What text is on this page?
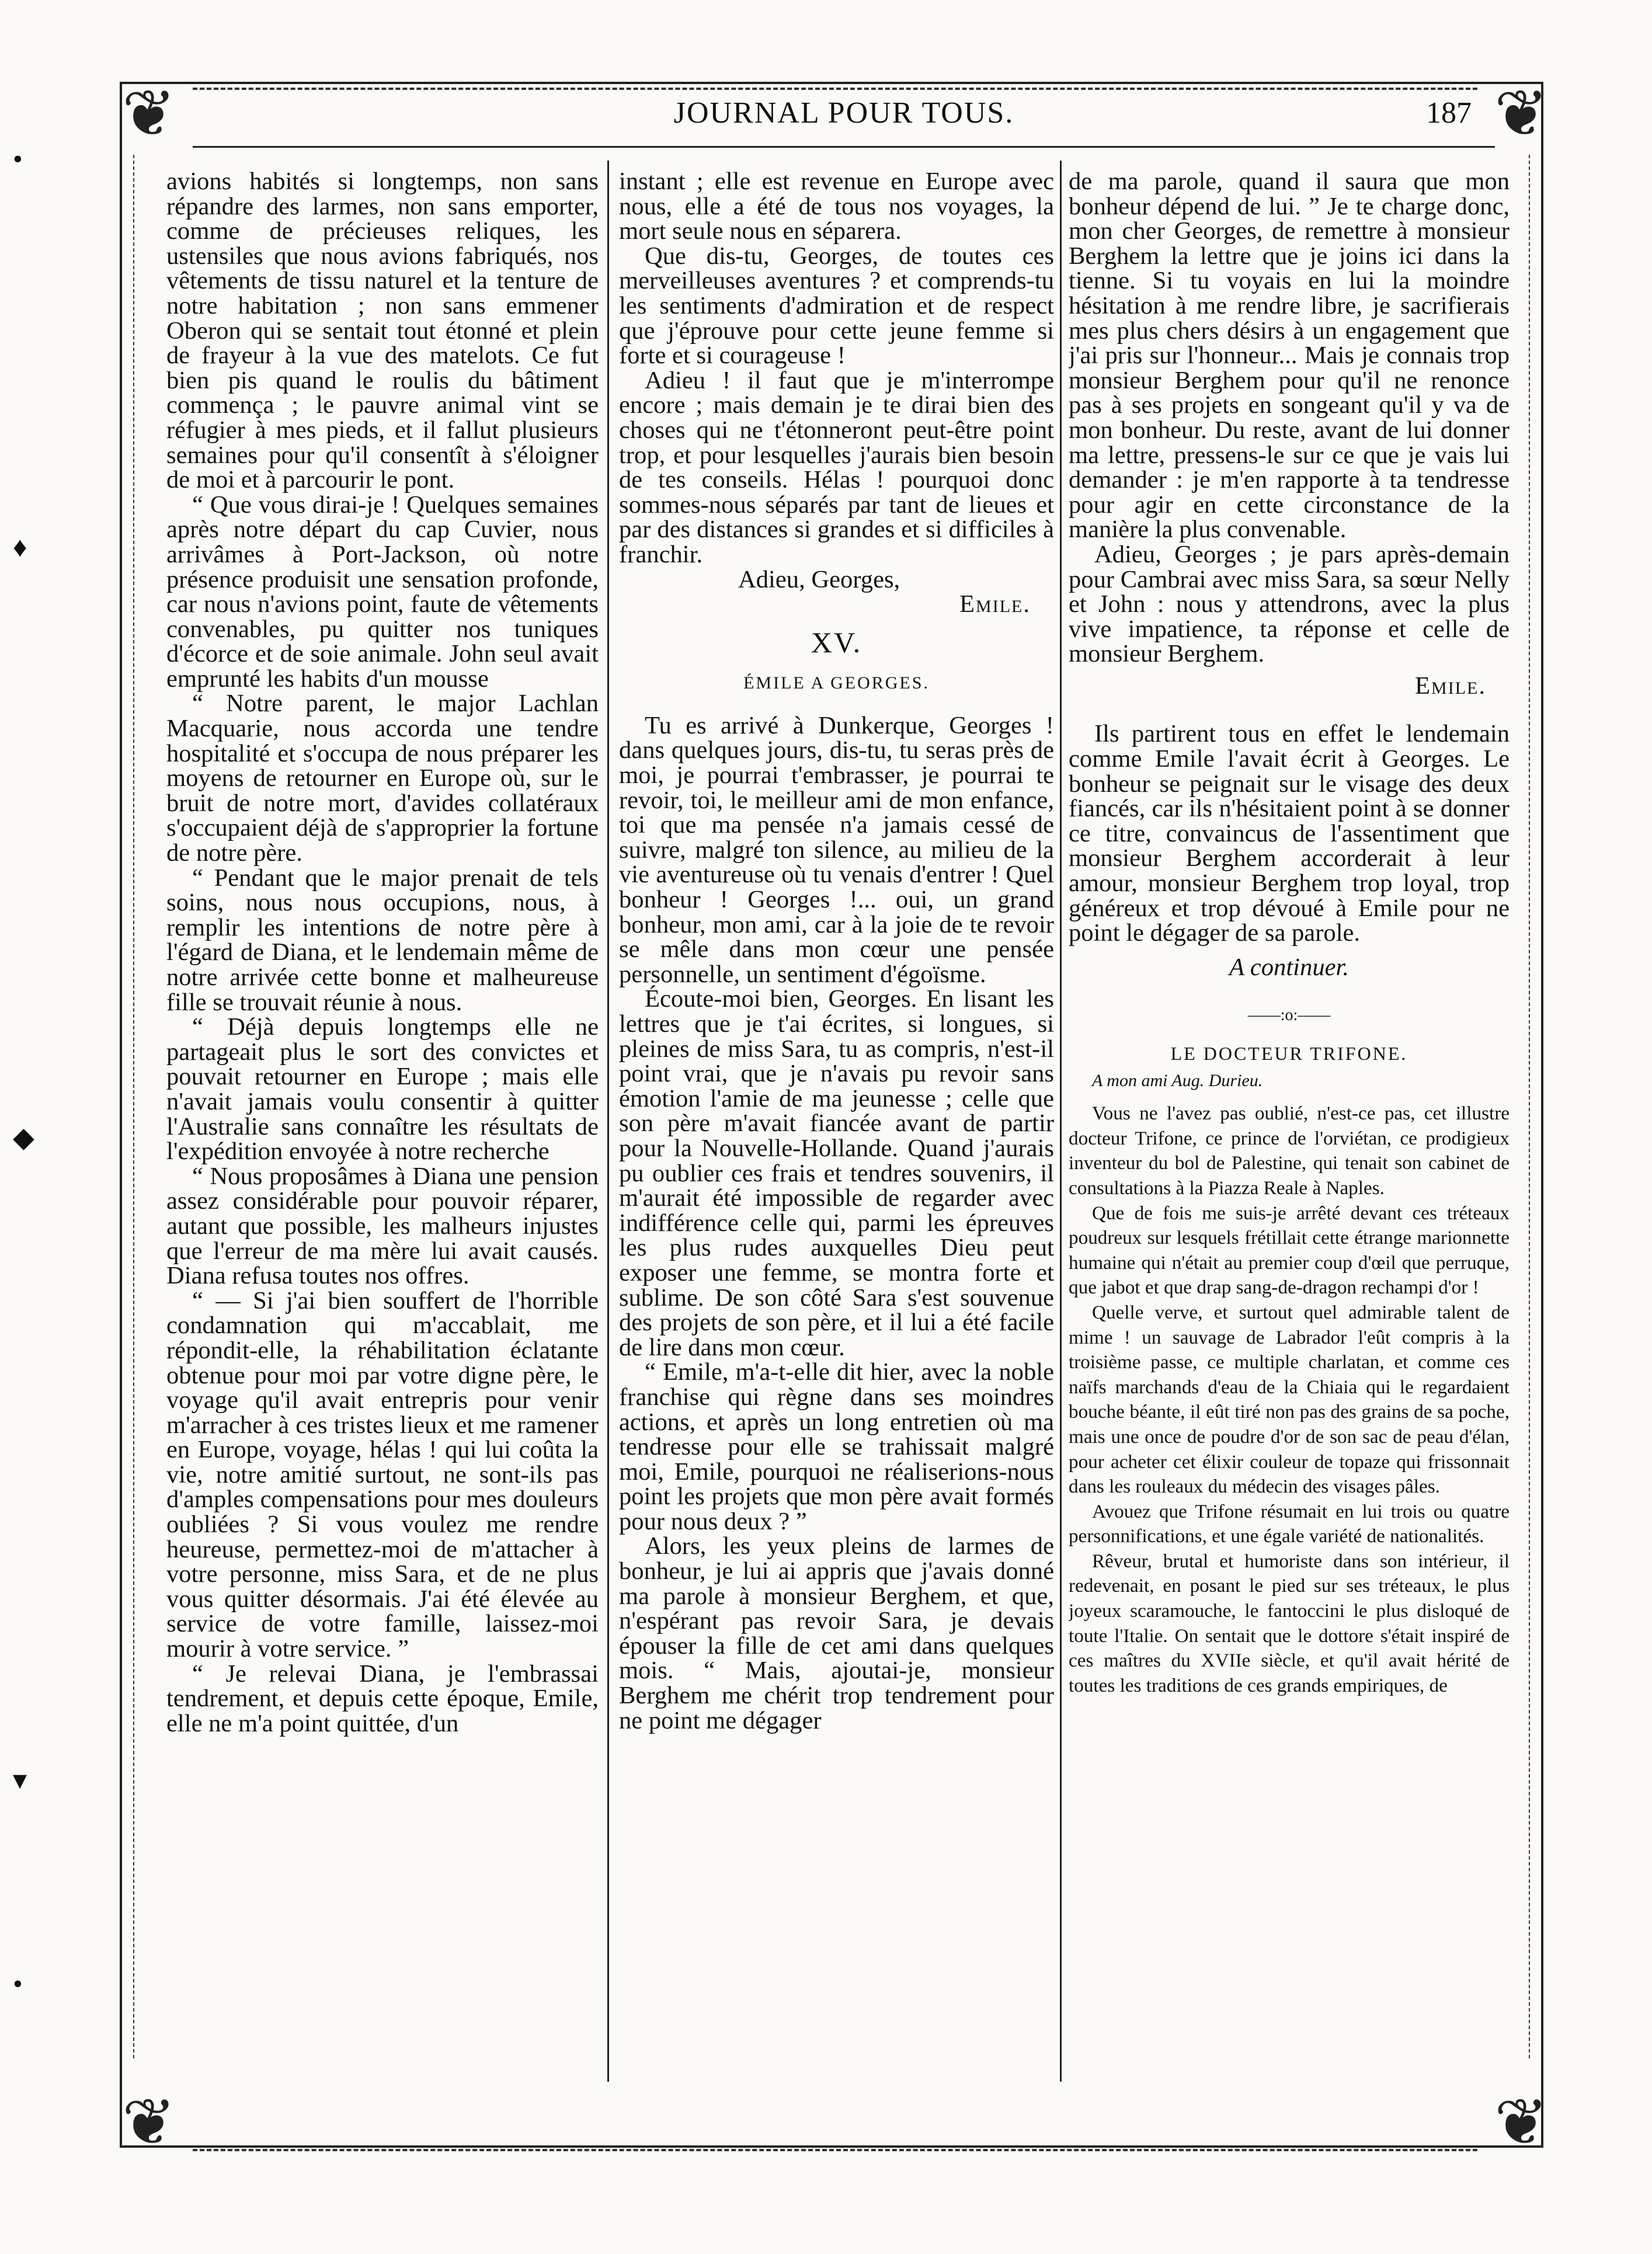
❦	❦
❦	❦
•
♦
◆
▾
•
JOURNAL POUR TOUS.	187

avions habités si longtemps, non sans répandre des larmes, non sans emporter, comme de précieuses reliques, les ustensiles que nous avions fabriqués, nos vêtements de tissu naturel et la tenture de notre habitation ; non sans emmener Oberon qui se sentait tout étonné et plein de frayeur à la vue des matelots. Ce fut bien pis quand le roulis du bâtiment commença ; le pauvre animal vint se réfugier à mes pieds, et il fallut plusieurs semaines pour qu'il consentît à s'éloigner de moi et à parcourir le pont.

“ Que vous dirai-je ! Quelques semaines après notre départ du cap Cuvier, nous arrivâmes à Port-Jackson, où notre présence produisit une sensation profonde, car nous n'avions point, faute de vêtements convenables, pu quitter nos tuniques d'écorce et de soie animale. John seul avait emprunté les habits d'un mousse

“ Notre parent, le major Lachlan Macquarie, nous accorda une tendre hospitalité et s'occupa de nous préparer les moyens de retourner en Europe où, sur le bruit de notre mort, d'avides collatéraux s'occupaient déjà de s'approprier la fortune de notre père.

“ Pendant que le major prenait de tels soins, nous nous occupions, nous, à remplir les intentions de notre père à l'égard de Diana, et le lendemain même de notre arrivée cette bonne et malheureuse fille se trouvait réunie à nous.

“ Déjà depuis longtemps elle ne partageait plus le sort des convictes et pouvait retourner en Europe ; mais elle n'avait jamais voulu consentir à quitter l'Australie sans connaître les résultats de l'expédition envoyée à notre recherche

“ Nous proposâmes à Diana une pension assez considérable pour pouvoir réparer, autant que possible, les malheurs injustes que l'erreur de ma mère lui avait causés. Diana refusa toutes nos offres.

“ — Si j'ai bien souffert de l'horrible condamnation qui m'accablait, me répondit-elle, la réhabilitation éclatante obtenue pour moi par votre digne père, le voyage qu'il avait entrepris pour venir m'arracher à ces tristes lieux et me ramener en Europe, voyage, hélas ! qui lui coûta la vie, notre amitié surtout, ne sont-ils pas d'amples compensations pour mes douleurs oubliées ? Si vous voulez me rendre heureuse, permettez-moi de m'attacher à votre personne, miss Sara, et de ne plus vous quitter désormais. J'ai été élevée au service de votre famille, laissez-moi mourir à votre service. ”

“ Je relevai Diana, je l'embrassai tendrement, et depuis cette époque, Emile, elle ne m'a point quittée, d'un

instant ; elle est revenue en Europe avec nous, elle a été de tous nos voyages, la mort seule nous en séparera.

Que dis-tu, Georges, de toutes ces merveilleuses aventures ? et comprends-tu les sentiments d'admiration et de respect que j'éprouve pour cette jeune femme si forte et si courageuse !

Adieu ! il faut que je m'interrompe encore ; mais demain je te dirai bien des choses qui ne t'étonneront peut-être point trop, et pour lesquelles j'aurais bien besoin de tes conseils. Hélas ! pourquoi donc sommes-nous séparés par tant de lieues et par des distances si grandes et si difficiles à franchir.

Adieu, Georges,

Emile.

XV.
ÉMILE A GEORGES.

Tu es arrivé à Dunkerque, Georges ! dans quelques jours, dis-tu, tu seras près de moi, je pourrai t'embrasser, je pourrai te revoir, toi, le meilleur ami de mon enfance, toi que ma pensée n'a jamais cessé de suivre, malgré ton silence, au milieu de la vie aventureuse où tu venais d'entrer ! Quel bonheur ! Georges !... oui, un grand bonheur, mon ami, car à la joie de te revoir se mêle dans mon cœur une pensée personnelle, un sentiment d'égoïsme.

Écoute-moi bien, Georges. En lisant les lettres que je t'ai écrites, si longues, si pleines de miss Sara, tu as compris, n'est-il point vrai, que je n'avais pu revoir sans émotion l'amie de ma jeunesse ; celle que son père m'avait fiancée avant de partir pour la Nouvelle-Hollande. Quand j'aurais pu oublier ces frais et tendres souvenirs, il m'aurait été impossible de regarder avec indifférence celle qui, parmi les épreuves les plus rudes auxquelles Dieu peut exposer une femme, se montra forte et sublime. De son côté Sara s'est souvenue des projets de son père, et il lui a été facile de lire dans mon cœur.

“ Emile, m'a-t-elle dit hier, avec la noble franchise qui règne dans ses moindres actions, et après un long entretien où ma tendresse pour elle se trahissait malgré moi, Emile, pourquoi ne réaliserions-nous point les projets que mon père avait formés pour nous deux ? ”

Alors, les yeux pleins de larmes de bonheur, je lui ai appris que j'avais donné ma parole à monsieur Berghem, et que, n'espérant pas revoir Sara, je devais épouser la fille de cet ami dans quelques mois. “ Mais, ajoutai-je, monsieur Berghem me chérit trop tendrement pour ne point me dégager

de ma parole, quand il saura que mon bonheur dépend de lui. ” Je te charge donc, mon cher Georges, de remettre à monsieur Berghem la lettre que je joins ici dans la tienne. Si tu voyais en lui la moindre hésitation à me rendre libre, je sacrifierais mes plus chers désirs à un engagement que j'ai pris sur l'honneur... Mais je connais trop monsieur Berghem pour qu'il ne renonce pas à ses projets en songeant qu'il y va de mon bonheur. Du reste, avant de lui donner ma lettre, pressens-le sur ce que je vais lui demander : je m'en rapporte à ta tendresse pour agir en cette circonstance de la manière la plus convenable.

Adieu, Georges ; je pars après-demain pour Cambrai avec miss Sara, sa sœur Nelly et John : nous y attendrons, avec la plus vive impatience, ta réponse et celle de monsieur Berghem.

Emile.

Ils partirent tous en effet le lendemain comme Emile l'avait écrit à Georges. Le bonheur se peignait sur le visage des deux fiancés, car ils n'hésitaient point à se donner ce titre, convaincus de l'assentiment que monsieur Berghem accorderait à leur amour, monsieur Berghem trop loyal, trop généreux et trop dévoué à Emile pour ne point le dégager de sa parole.

A continuer.
——:o:——
LE DOCTEUR TRIFONE.
A mon ami Aug. Durieu.

Vous ne l'avez pas oublié, n'est-ce pas, cet illustre docteur Trifone, ce prince de l'orviétan, ce prodigieux inventeur du bol de Palestine, qui tenait son cabinet de consultations à la Piazza Reale à Naples.

Que de fois me suis-je arrêté devant ces tréteaux poudreux sur lesquels frétillait cette étrange marionnette humaine qui n'était au premier coup d'œil que perruque, que jabot et que drap sang-de-dragon rechampi d'or !

Quelle verve, et surtout quel admirable talent de mime ! un sauvage de Labrador l'eût compris à la troisième passe, ce multiple charlatan, et comme ces naïfs marchands d'eau de la Chiaia qui le regardaient bouche béante, il eût tiré non pas des grains de sa poche, mais une once de poudre d'or de son sac de peau d'élan, pour acheter cet élixir couleur de topaze qui frissonnait dans les rouleaux du médecin des visages pâles.

Avouez que Trifone résumait en lui trois ou quatre personnifications, et une égale variété de nationalités.

Rêveur, brutal et humoriste dans son intérieur, il redevenait, en posant le pied sur ses tréteaux, le plus joyeux scaramouche, le fantoccini le plus disloqué de toute l'Italie. On sentait que le dottore s'était inspiré de ces maîtres du XVIIe siècle, et qu'il avait hérité de toutes les traditions de ces grands empiriques, de
